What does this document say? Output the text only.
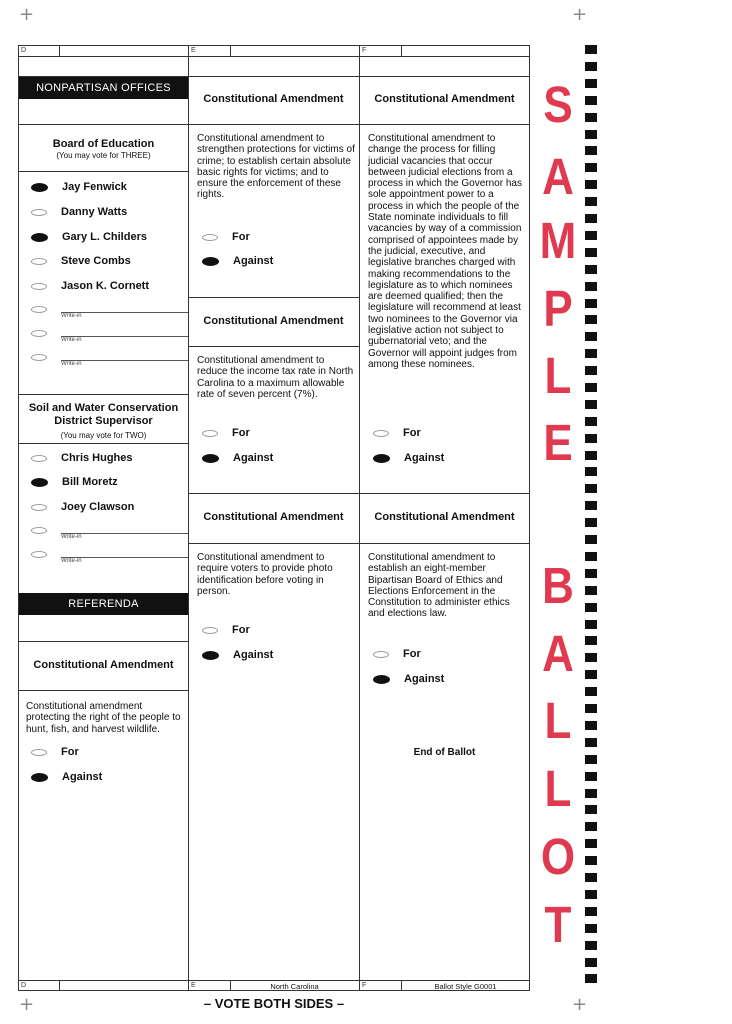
+	+
+	+
D	E	F
NONPARTISAN OFFICES
Board of Education
(You may vote for THREE)
Jay Fenwick
Danny Watts
Gary L. Childers
Steve Combs
Jason K. Cornett
Write-in
Write-in
Write-in
Soil and Water Conservation District Supervisor
(You may vote for TWO)
Chris Hughes
Bill Moretz
Joey Clawson
Write-in
Write-in
REFERENDA
Constitutional Amendment
Constitutional amendment protecting the right of the people to hunt, fish, and harvest wildlife.
For
Against
Constitutional Amendment
Constitutional amendment to strengthen protections for victims of crime; to establish certain absolute basic rights for victims; and to ensure the enforcement of these rights.
For
Against
Constitutional Amendment
Constitutional amendment to reduce the income tax rate in North Carolina to a maximum allowable rate of seven percent (7%).
For
Against
Constitutional Amendment
Constitutional amendment to require voters to provide photo identification before voting in person.
For
Against
Constitutional Amendment
Constitutional amendment to change the process for filling judicial vacancies that occur between judicial elections from a process in which the Governor has sole appointment power to a process in which the people of the State nominate individuals to fill vacancies by way of a commission comprised of appointees made by the judicial, executive, and legislative branches charged with making recommendations to the legislature as to which nominees are deemed qualified; then the legislature will recommend at least two nominees to the Governor via legislative action not subject to gubernatorial veto; and the Governor will appoint judges from among these nominees.
For
Against
Constitutional Amendment
Constitutional amendment to establish an eight-member Bipartisan Board of Ethics and Elections Enforcement in the Constitution to administer ethics and elections law.
For
Against
End of Ballot
D	E	F
North Carolina	Ballot Style G0001
– VOTE BOTH SIDES –
S
A
M
P
L
E
B
A
L
L
O
T
